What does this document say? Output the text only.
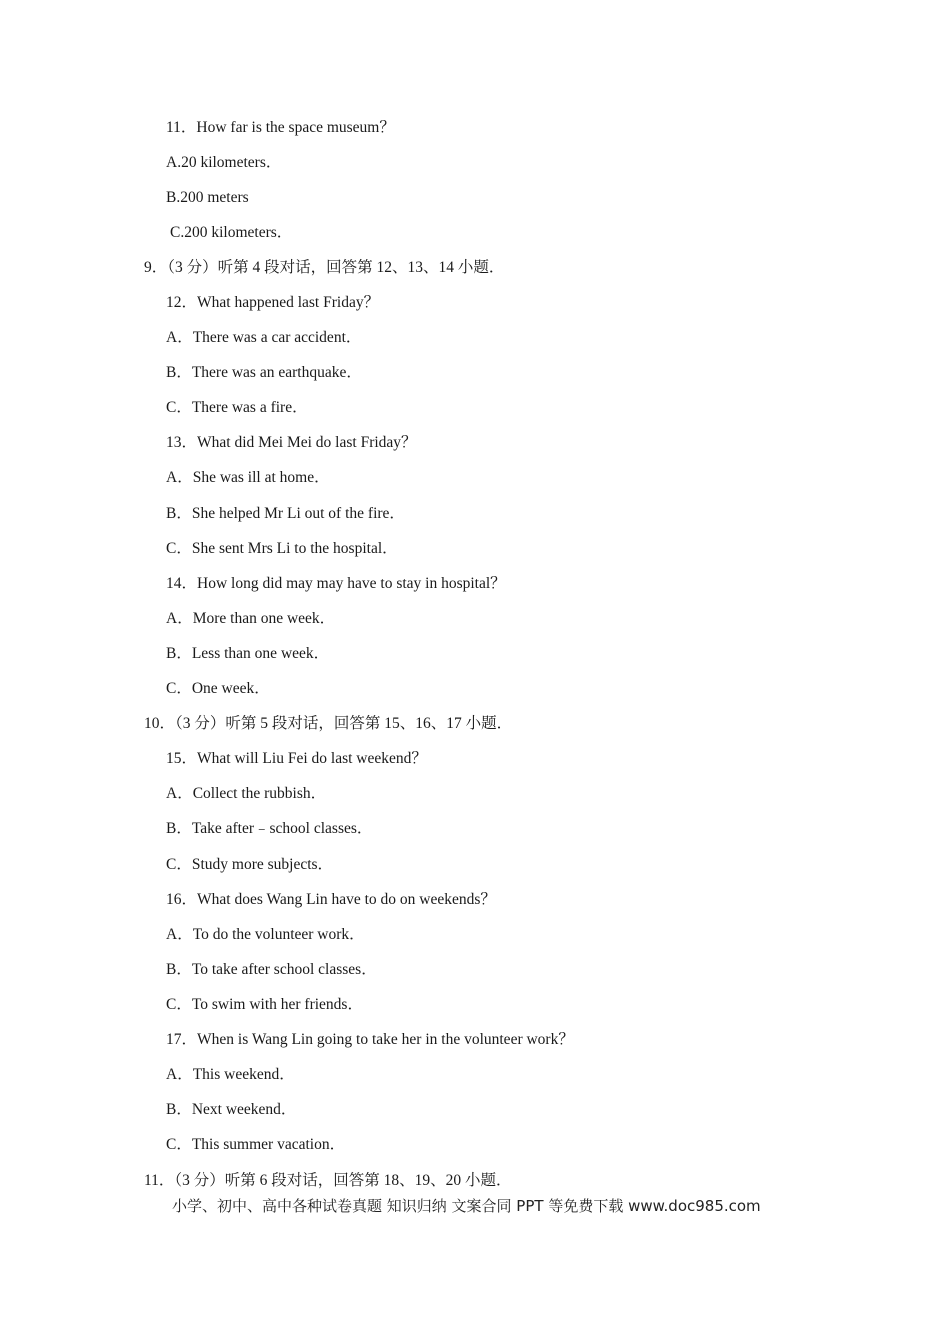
11．How far is the space museum？
A.20 kilometers．
B.200 meters
C.200 kilometers．
9．（3 分）听第 4 段对话，回答第 12、13、14 小题．
12．What happened last Friday？
A．There was a car accident．
B．There was an earthquake．
C．There was a fire．
13．What did Mei Mei do last Friday？
A．She was ill at home．
B．She helped Mr Li out of the fire．
C．She sent Mrs Li to the hospital．
14．How long did may may have to stay in hospital？
A．More than one week．
B．Less than one week．
C．One week．
10．（3 分）听第 5 段对话，回答第 15、16、17 小题．
15．What will Liu Fei do last weekend？
A．Collect the rubbish．
B．Take after﹣school classes．
C．Study more subjects．
16．What does Wang Lin have to do on weekends？
A．To do the volunteer work．
B．To take after school classes．
C．To swim with her friends．
17．When is Wang Lin going to take her in the volunteer work？
A．This weekend．
B．Next weekend．
C．This summer vacation．
11．（3 分）听第 6 段对话，回答第 18、19、20 小题．
小学、初中、高中各种试卷真题 知识归纳 文案合同 PPT 等免费下载 www.doc985.com
